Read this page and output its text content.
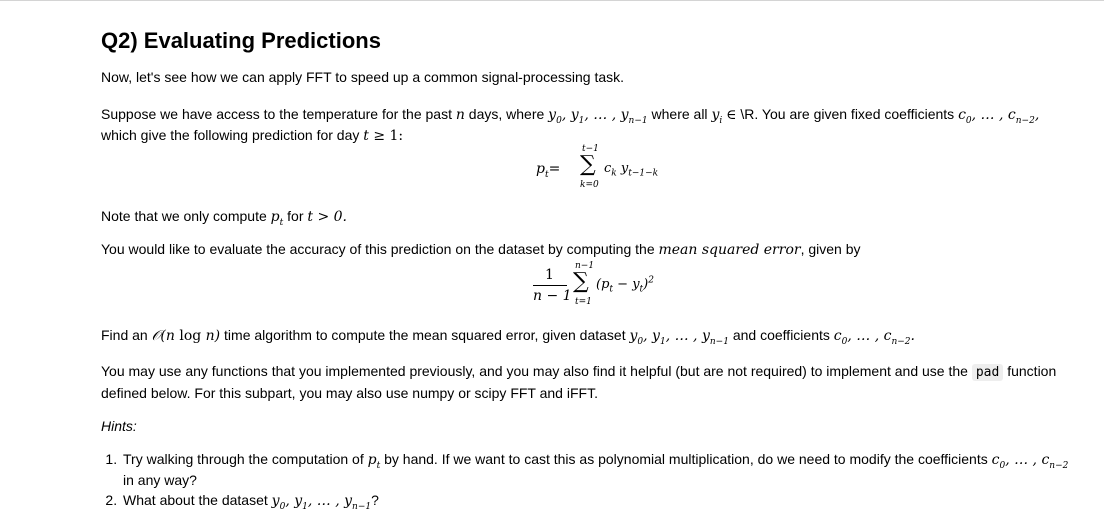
Q2) Evaluating Predictions

Now, let's see how we can apply FFT to speed up a common signal-processing task.

Suppose we have access to the temperature for the past n days, where $y_0$, $y_1$, … , $y_{n-1}$ where all $y_i$ ∈ \R. You are given fixed coefficients $c_0$, … , $c_{n-2}$,
which give the following prediction for day t ≥ 1:

$p_t$ =
t−1
∑
k=0
$c_k$ $y_{t-1-k}$

Note that we only compute $p_t$ for t > 0.

You would like to evaluate the accuracy of this prediction on the dataset by computing the mean squared error, given by

1
n − 1
n−1
∑
t=1
$(p_t - y_t)^2$

Find an 𝒪(n log n) time algorithm to compute the mean squared error, given dataset $y_0$, $y_1$, … , $y_{n-1}$ and coefficients $c_0$, … , $c_{n-2}$.

You may use any functions that you implemented previously, and you may also find it helpful (but are not required) to implement and use the pad function
defined below. For this subpart, you may also use numpy or scipy FFT and iFFT.

Hints:

1. Try walking through the computation of $p_t$ by hand. If we want to cast this as polynomial multiplication, do we need to modify the coefficients $c_0$, … , $c_{n-2}$
in any way?
2. What about the dataset $y_0$, $y_1$, … , $y_{n-1}$?
